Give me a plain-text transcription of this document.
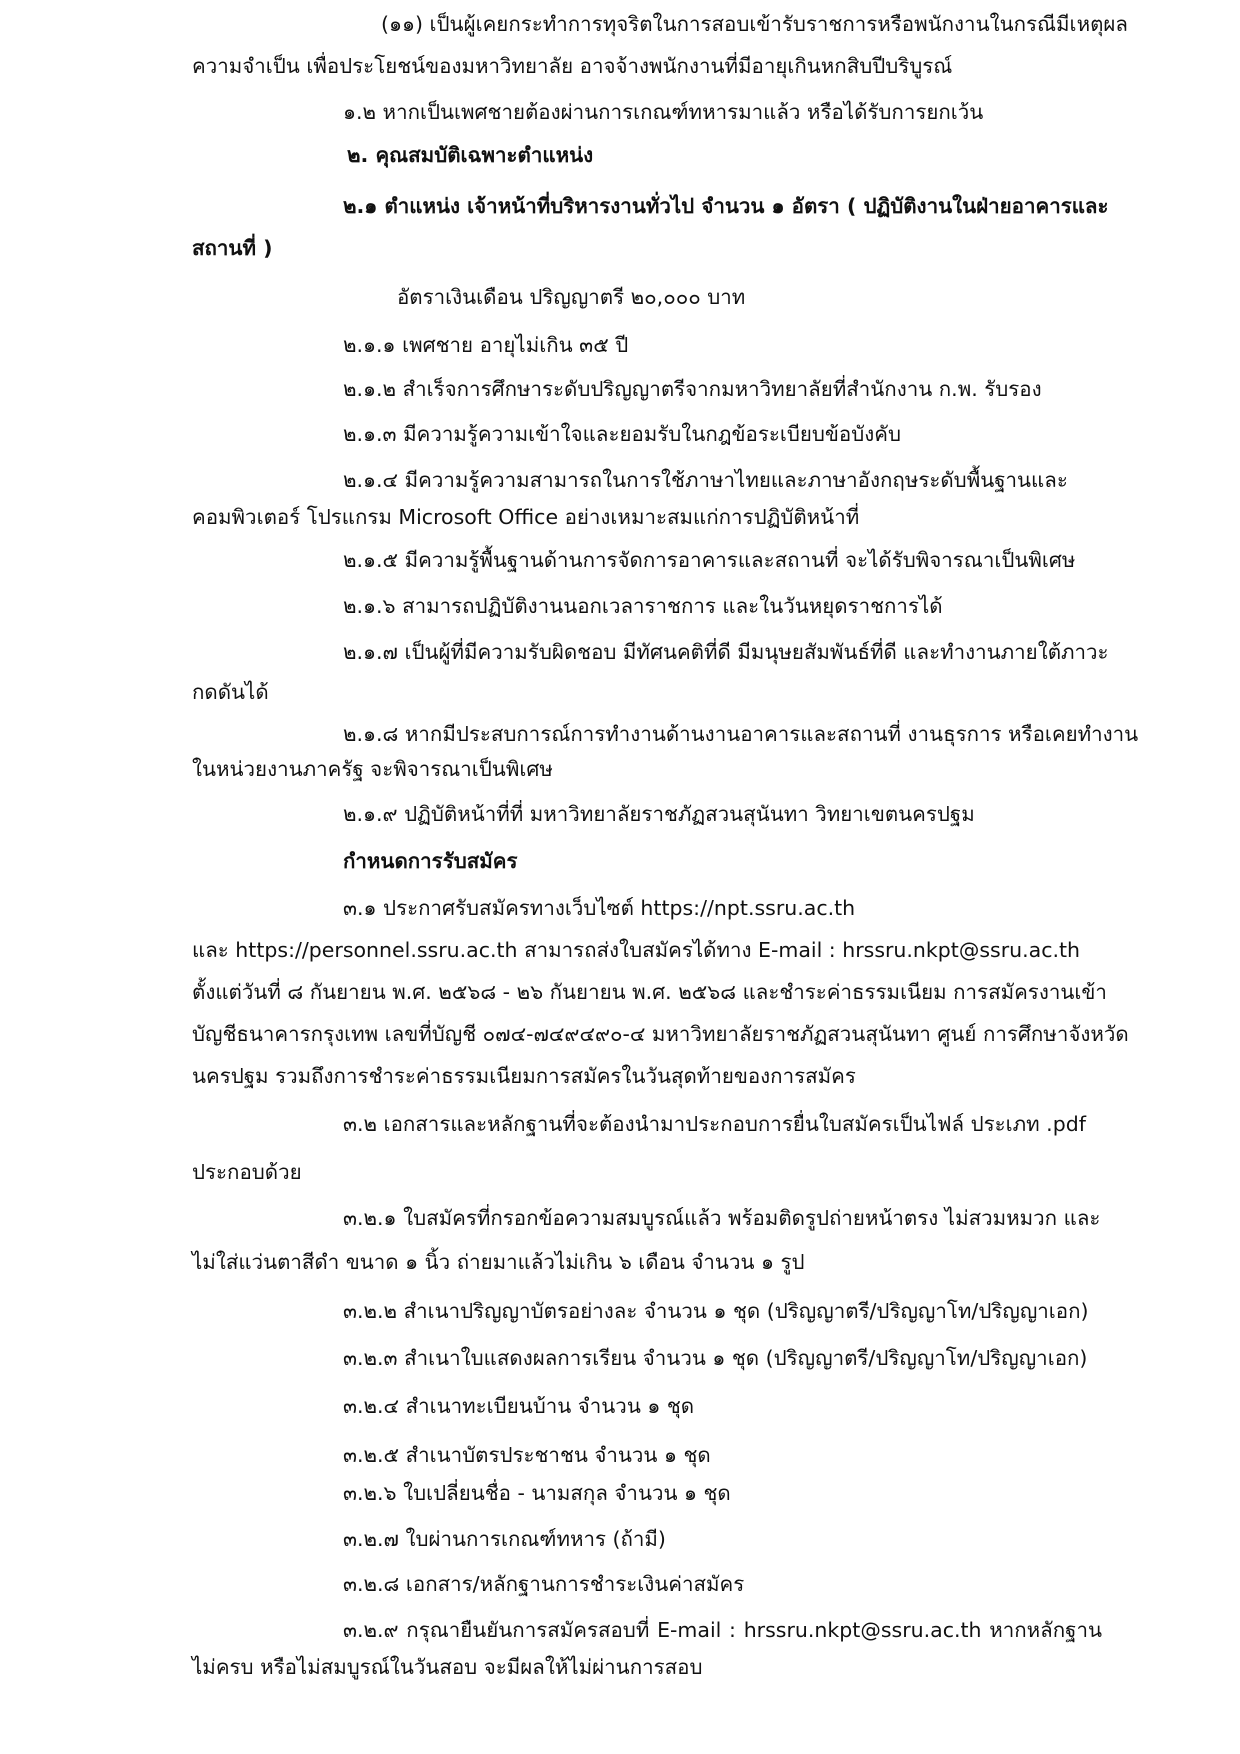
(๑๑) เป็นผู้เคยกระทำการทุจริตในการสอบเข้ารับราชการหรือพนักงานในกรณีมีเหตุผล
ความจำเป็น เพื่อประโยชน์ของมหาวิทยาลัย อาจจ้างพนักงานที่มีอายุเกินหกสิบปีบริบูรณ์
๑.๒ หากเป็นเพศชายต้องผ่านการเกณฑ์ทหารมาแล้ว หรือได้รับการยกเว้น
๒. คุณสมบัติเฉพาะตำแหน่ง
๒.๑ ตำแหน่ง เจ้าหน้าที่บริหารงานทั่วไป จำนวน ๑ อัตรา ( ปฏิบัติงานในฝ่ายอาคารและ
สถานที่ )
อัตราเงินเดือน ปริญญาตรี ๒๐,๐๐๐ บาท
๒.๑.๑ เพศชาย อายุไม่เกิน ๓๕ ปี
๒.๑.๒ สำเร็จการศึกษาระดับปริญญาตรีจากมหาวิทยาลัยที่สำนักงาน ก.พ. รับรอง
๒.๑.๓ มีความรู้ความเข้าใจและยอมรับในกฎข้อระเบียบข้อบังคับ
๒.๑.๔ มีความรู้ความสามารถในการใช้ภาษาไทยและภาษาอังกฤษระดับพื้นฐานและ
คอมพิวเตอร์ โปรแกรม Microsoft Office อย่างเหมาะสมแก่การปฏิบัติหน้าที่
๒.๑.๕ มีความรู้พื้นฐานด้านการจัดการอาคารและสถานที่ จะได้รับพิจารณาเป็นพิเศษ
๒.๑.๖ สามารถปฏิบัติงานนอกเวลาราชการ และในวันหยุดราชการได้
๒.๑.๗ เป็นผู้ที่มีความรับผิดชอบ มีทัศนคติที่ดี มีมนุษยสัมพันธ์ที่ดี และทำงานภายใต้ภาวะ
กดดันได้
๒.๑.๘ หากมีประสบการณ์การทำงานด้านงานอาคารและสถานที่ งานธุรการ หรือเคยทำงาน
ในหน่วยงานภาครัฐ จะพิจารณาเป็นพิเศษ
๒.๑.๙ ปฏิบัติหน้าที่ที่ มหาวิทยาลัยราชภัฏสวนสุนันทา วิทยาเขตนครปฐม
กำหนดการรับสมัคร
๓.๑ ประกาศรับสมัครทางเว็บไซต์ https://npt.ssru.ac.th
และ https://personnel.ssru.ac.th สามารถส่งใบสมัครได้ทาง E-mail : hrssru.nkpt@ssru.ac.th
ตั้งแต่วันที่ ๘ กันยายน พ.ศ. ๒๕๖๘ - ๒๖ กันยายน พ.ศ. ๒๕๖๘ และชำระค่าธรรมเนียม การสมัครงานเข้า
บัญชีธนาคารกรุงเทพ เลขที่บัญชี ๐๗๔-๗๔๙๔๙๐-๔ มหาวิทยาลัยราชภัฏสวนสุนันทา ศูนย์ การศึกษาจังหวัด
นครปฐม รวมถึงการชำระค่าธรรมเนียมการสมัครในวันสุดท้ายของการสมัคร
๓.๒ เอกสารและหลักฐานที่จะต้องนำมาประกอบการยื่นใบสมัครเป็นไฟล์ ประเภท .pdf
ประกอบด้วย
๓.๒.๑ ใบสมัครที่กรอกข้อความสมบูรณ์แล้ว พร้อมติดรูปถ่ายหน้าตรง ไม่สวมหมวก และ
ไม่ใส่แว่นตาสีดำ ขนาด ๑ นิ้ว ถ่ายมาแล้วไม่เกิน ๖ เดือน จำนวน ๑ รูป
๓.๒.๒ สำเนาปริญญาบัตรอย่างละ จำนวน ๑ ชุด (ปริญญาตรี/ปริญญาโท/ปริญญาเอก)
๓.๒.๓ สำเนาใบแสดงผลการเรียน จำนวน ๑ ชุด (ปริญญาตรี/ปริญญาโท/ปริญญาเอก)
๓.๒.๔ สำเนาทะเบียนบ้าน จำนวน ๑ ชุด
๓.๒.๕ สำเนาบัตรประชาชน จำนวน ๑ ชุด
๓.๒.๖ ใบเปลี่ยนชื่อ - นามสกุล จำนวน ๑ ชุด
๓.๒.๗ ใบผ่านการเกณฑ์ทหาร (ถ้ามี)
๓.๒.๘ เอกสาร/หลักฐานการชำระเงินค่าสมัคร
๓.๒.๙ กรุณายืนยันการสมัครสอบที่ E-mail : hrssru.nkpt@ssru.ac.th หากหลักฐาน
ไม่ครบ หรือไม่สมบูรณ์ในวันสอบ จะมีผลให้ไม่ผ่านการสอบ
